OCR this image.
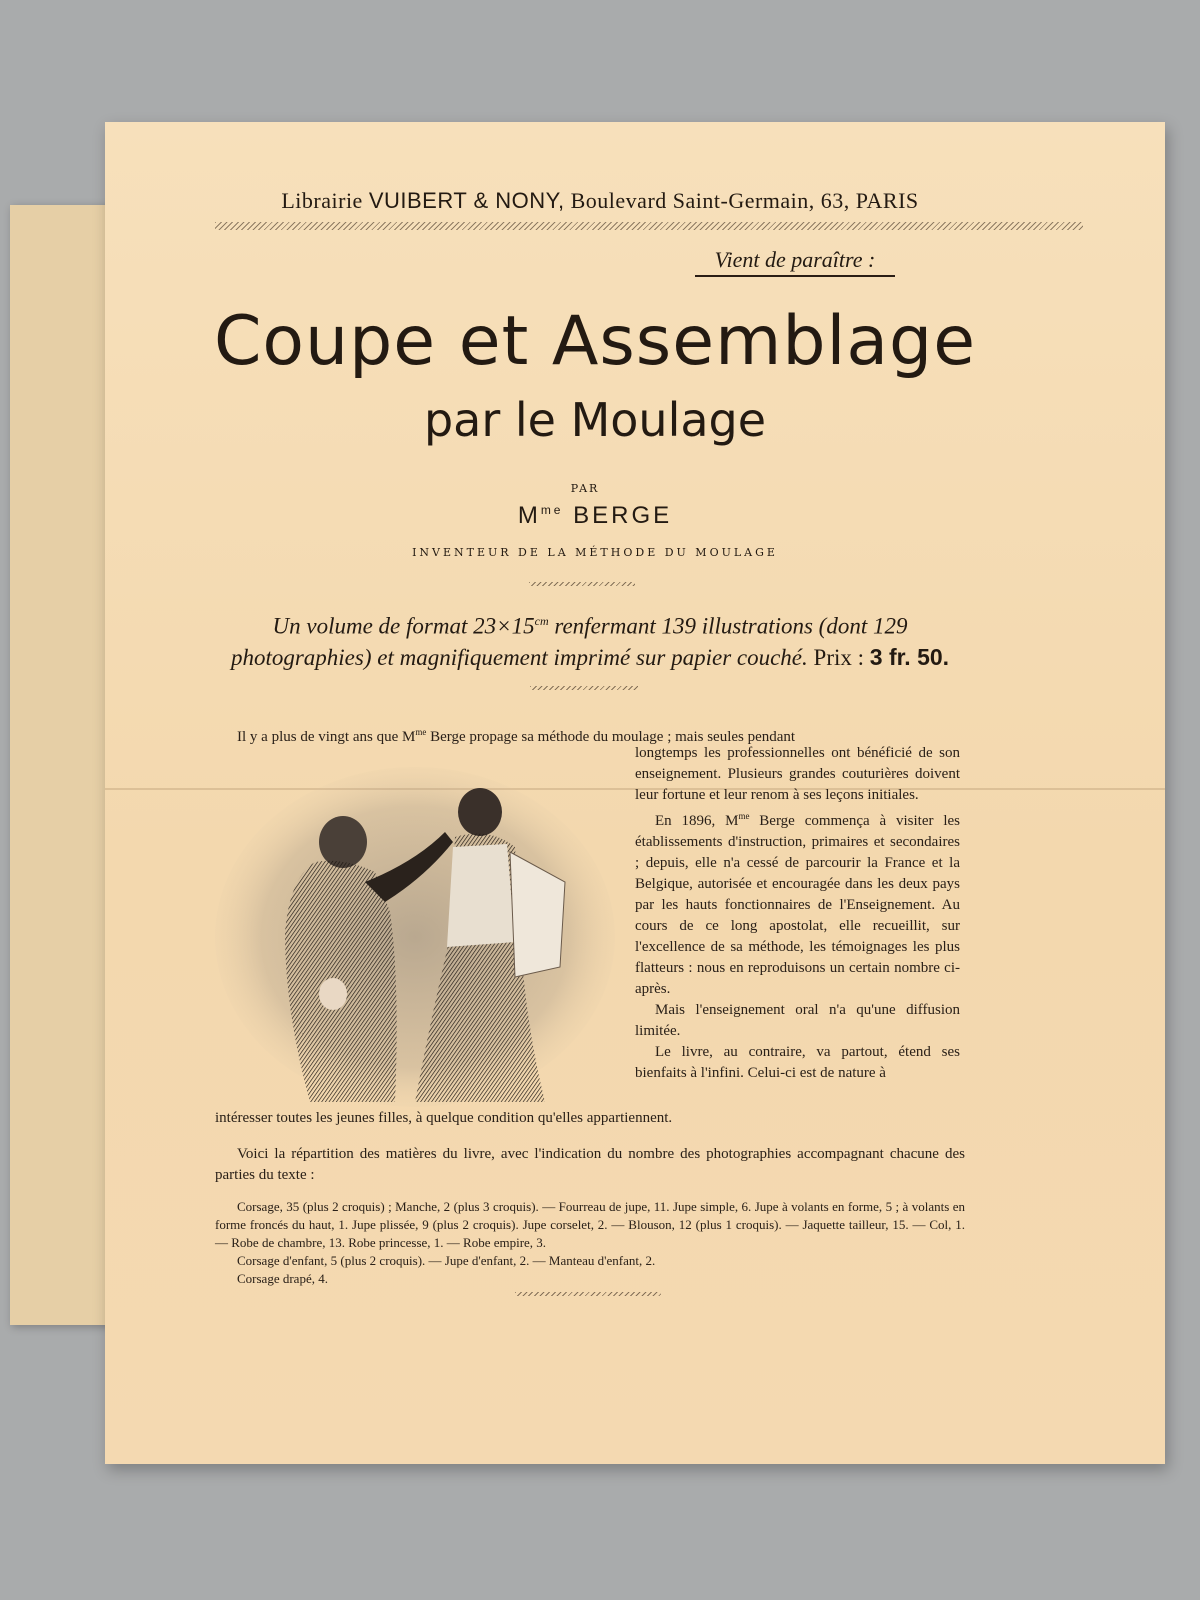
Librairie VUIBERT & NONY, Boulevard Saint-Germain, 63, PARIS
Vient de paraître :
Coupe et Assemblage
par le Moulage
PAR
$M^{me}$ BERGE
INVENTEUR DE LA MÉTHODE DU MOULAGE
Un volume de format $23\times 15^{cm}$ renfermant 139 illustrations (dont 129 photographies) et magnifiquement imprimé sur papier couché. Prix : 3 fr. 50.
Il y a plus de vingt ans que $M^{me}$ Berge propage sa méthode du moulage ; mais seules pendant

longtemps les professionnelles ont bénéficié de son enseignement. Plusieurs grandes couturières doivent leur fortune et leur renom à ses leçons initiales.

En 1896, $M^{me}$ Berge commença à visiter les établissements d'instruction, primaires et secondaires ; depuis, elle n'a cessé de parcourir la France et la Belgique, autorisée et encouragée dans les deux pays par les hauts fonctionnaires de l'Enseignement. Au cours de ce long apostolat, elle recueillit, sur l'excellence de sa méthode, les témoignages les plus flatteurs : nous en reproduisons un certain nombre ci-après.

Mais l'enseignement oral n'a qu'une diffusion limitée.

Le livre, au contraire, va partout, étend ses bienfaits à l'infini. Celui-ci est de nature à

intéresser toutes les jeunes filles, à quelque condition qu'elles appartiennent.
Voici la répartition des matières du livre, avec l'indication du nombre des photographies accompagnant chacune des parties du texte :

Corsage, 35 (plus 2 croquis) ; Manche, 2 (plus 3 croquis). — Fourreau de jupe, 11. Jupe simple, 6. Jupe à volants en forme, 5 ; à volants en forme froncés du haut, 1. Jupe plissée, 9 (plus 2 croquis). Jupe corselet, 2. — Blouson, 12 (plus 1 croquis). — Jaquette tailleur, 15. — Col, 1. — Robe de chambre, 13. Robe princesse, 1. — Robe empire, 3.

Corsage d'enfant, 5 (plus 2 croquis). — Jupe d'enfant, 2. — Manteau d'enfant, 2.

Corsage drapé, 4.
